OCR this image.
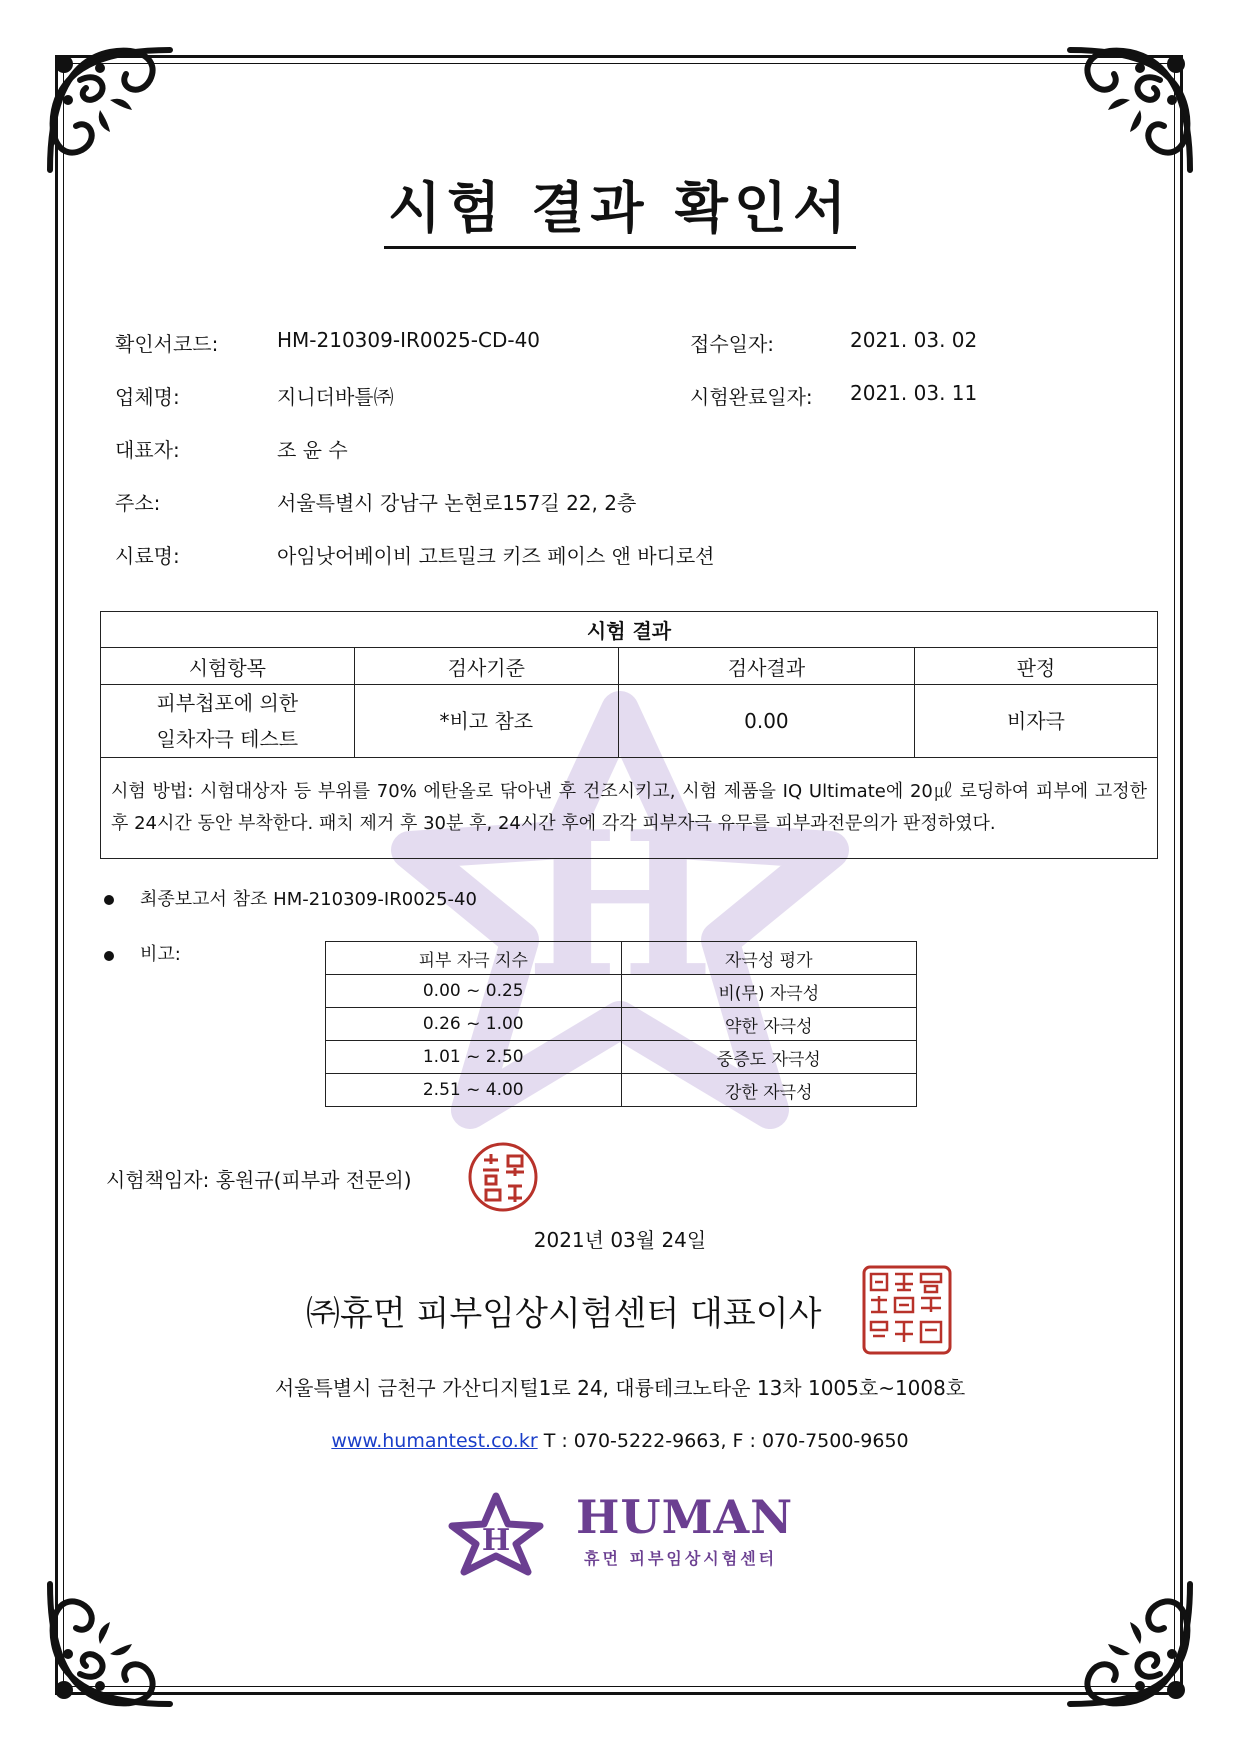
H
시험 결과 확인서
확인서코드:	HM-210309-IR0025-CD-40	접수일자:	2021. 03. 02
업체명:	지니더바틀㈜	시험완료일자: 2021. 03. 11
대표자:	조 윤 수
주소:	서울특별시 강남구 논현로157길 22, 2층
시료명:	아임낫어베이비 고트밀크 키즈 페이스 앤 바디로션
시험 결과			
시험항목	검사기준	검사결과	판정

피부첩포에 의한
일차자극 테스트	*비고 참조	0.00	비자극
시험 방법: 시험대상자 등 부위를 70% 에탄올로 닦아낸 후 건조시키고, 시험 제품을 IQ Ultimate에 20㎕ 로딩하여 피부에 고정한 후 24시간 동안 부착한다. 패치 제거 후 30분 후, 24시간 후에 각각 피부자극 유무를 피부과전문의가 판정하였다.			
최종보고서 참조 HM-210309-IR0025-40
비고:	피부 자극 지수	자극성 평가
0.00 ~ 0.25	비(무) 자극성
0.26 ~ 1.00	약한 자극성
1.01 ~ 2.50	중증도 자극성
2.51 ~ 4.00	강한 자극성
시험책임자: 홍원규(피부과 전문의)
2021년 03월 24일
㈜휴먼 피부임상시험센터 대표이사
서울특별시 금천구 가산디지털1로 24, 대륭테크노타운 13차 1005호~1008호
www.humantest.co.kr T : 070-5222-9663, F : 070-7500-9650
H HUMAN
휴먼 피부임상시험센터
